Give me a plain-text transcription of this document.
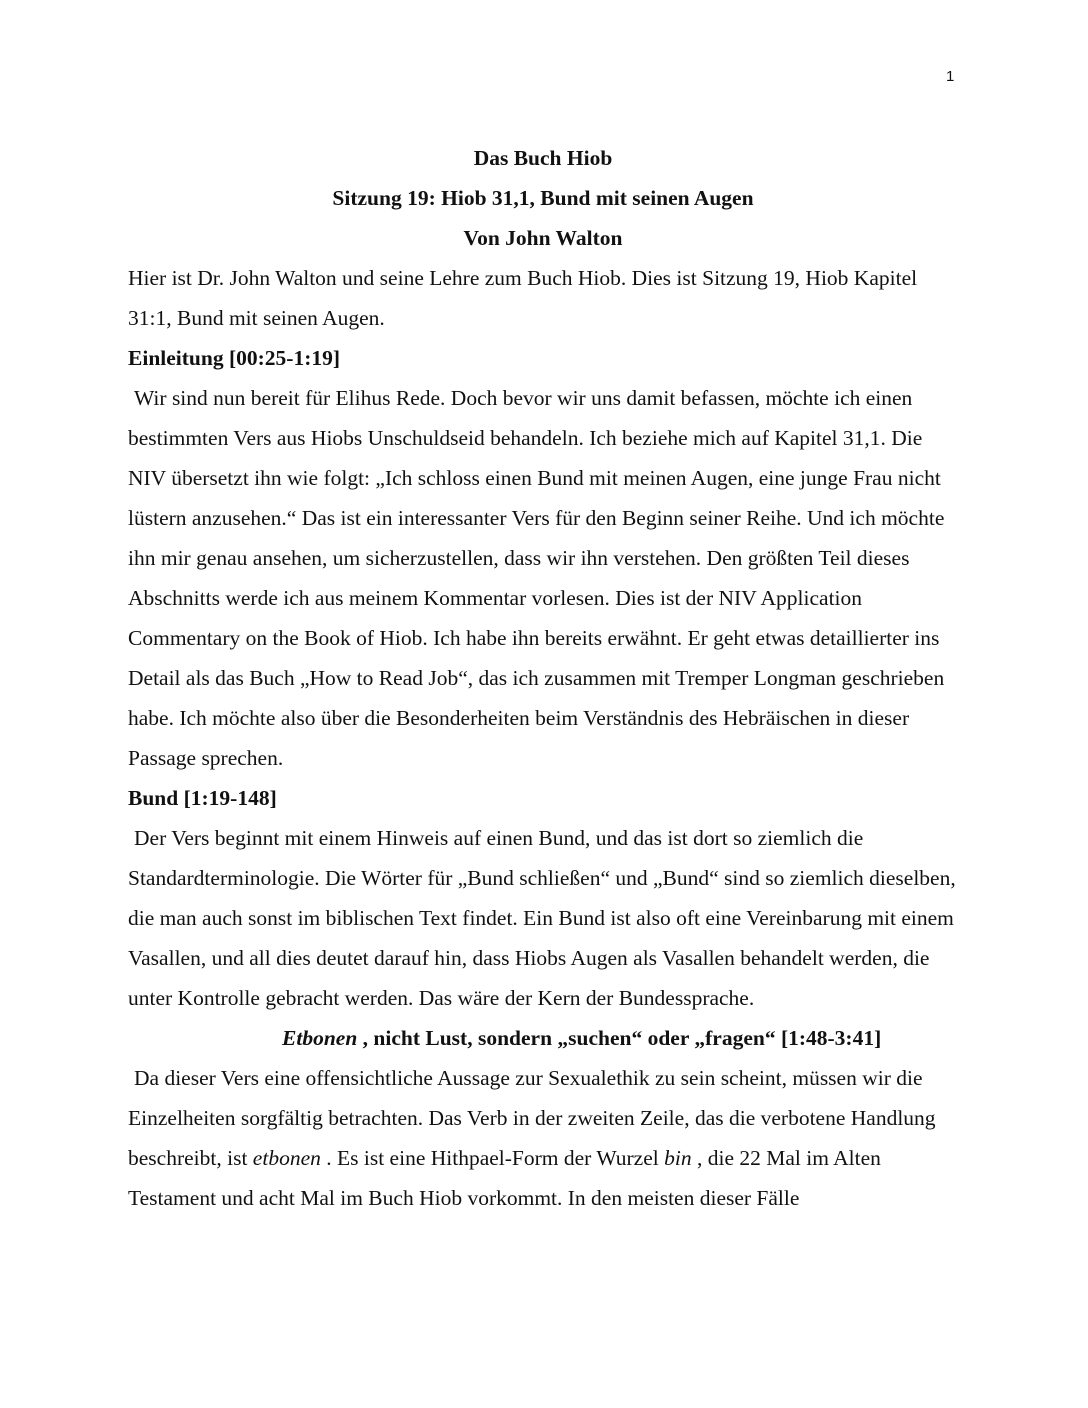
1

Das Buch Hiob

Sitzung 19: Hiob 31,1, Bund mit seinen Augen

Von John Walton

Hier ist Dr. John Walton und seine Lehre zum Buch Hiob. Dies ist Sitzung 19, Hiob Kapitel 31:1, Bund mit seinen Augen.

Einleitung [00:25-1:19]

Wir sind nun bereit für Elihus Rede. Doch bevor wir uns damit befassen, möchte ich einen bestimmten Vers aus Hiobs Unschuldseid behandeln. Ich beziehe mich auf Kapitel 31,1. Die NIV übersetzt ihn wie folgt: „Ich schloss einen Bund mit meinen Augen, eine junge Frau nicht lüstern anzusehen.“ Das ist ein interessanter Vers für den Beginn seiner Reihe. Und ich möchte ihn mir genau ansehen, um sicherzustellen, dass wir ihn verstehen. Den größten Teil dieses Abschnitts werde ich aus meinem Kommentar vorlesen. Dies ist der NIV Application Commentary on the Book of Hiob. Ich habe ihn bereits erwähnt. Er geht etwas detaillierter ins Detail als das Buch „How to Read Job“, das ich zusammen mit Tremper Longman geschrieben habe. Ich möchte also über die Besonderheiten beim Verständnis des Hebräischen in dieser Passage sprechen.

Bund [1:19-148]

Der Vers beginnt mit einem Hinweis auf einen Bund, und das ist dort so ziemlich die Standardterminologie. Die Wörter für „Bund schließen“ und „Bund“ sind so ziemlich dieselben, die man auch sonst im biblischen Text findet. Ein Bund ist also oft eine Vereinbarung mit einem Vasallen, und all dies deutet darauf hin, dass Hiobs Augen als Vasallen behandelt werden, die unter Kontrolle gebracht werden. Das wäre der Kern der Bundessprache.

Etbonen , nicht Lust, sondern „suchen“ oder „fragen“ [1:48-3:41]

Da dieser Vers eine offensichtliche Aussage zur Sexualethik zu sein scheint, müssen wir die Einzelheiten sorgfältig betrachten. Das Verb in der zweiten Zeile, das die verbotene Handlung beschreibt, ist etbonen . Es ist eine Hithpael-Form der Wurzel bin , die 22 Mal im Alten Testament und acht Mal im Buch Hiob vorkommt. In den meisten dieser Fälle
